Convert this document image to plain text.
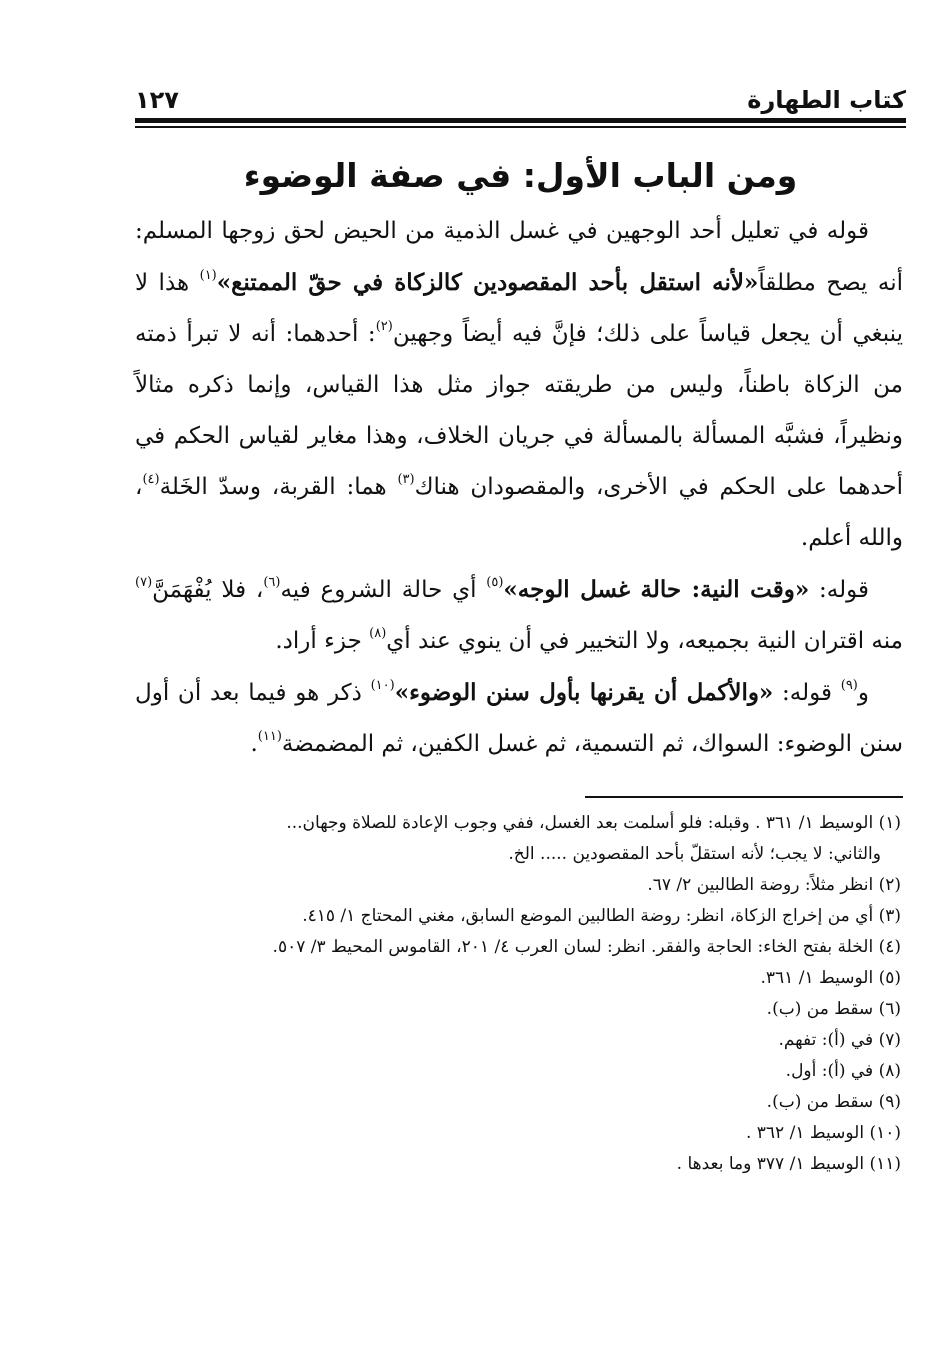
كتاب الطهارة
١٢٧
ومن الباب الأول: في صفة الوضوء

قوله في تعليل أحد الوجهين في غسل الذمية من الحيض لحق زوجها المسلم: أنه يصح مطلقاً«لأنه استقل بأحد المقصودين كالزكاة في حقّ الممتنع»$^{(١)}$ هذا لا ينبغي أن يجعل قياساً على ذلك؛ فإنَّ فيه أيضاً وجهين$^{(٢)}$: أحدهما: أنه لا تبرأ ذمته من الزكاة باطناً، وليس من طريقته جواز مثل هذا القياس، وإنما ذكره مثالاً ونظيراً، فشبَّه المسألة بالمسألة في جريان الخلاف، وهذا مغاير لقياس الحكم في أحدهما على الحكم في الأخرى، والمقصودان هناك$^{(٣)}$ هما: القربة، وسدّ الخَلة$^{(٤)}$، والله أعلم.

قوله: «وقت النية: حالة غسل الوجه»$^{(٥)}$ أي حالة الشروع فيه$^{(٦)}$، فلا يُفْهَمَنَّ$^{(٧)}$ منه اقتران النية بجميعه، ولا التخيير في أن ينوي عند أي$^{(٨)}$ جزء أراد.

و$^{(٩)}$ قوله: «والأكمل أن يقرنها بأول سنن الوضوء»$^{(١٠)}$ ذكر هو فيما بعد أن أول سنن الوضوء: السواك، ثم التسمية، ثم غسل الكفين، ثم المضمضة$^{(١١)}$.

(١) الوسيط ١/ ٣٦١ . وقبله: فلو أسلمت بعد الغسل، ففي وجوب الإعادة للصلاة وجهان...

والثاني: لا يجب؛ لأنه استقلّ بأحد المقصودين ..... الخ.

(٢) انظر مثلاً: روضة الطالبين ٢/ ٦٧.

(٣) أي من إخراج الزكاة، انظر: روضة الطالبين الموضع السابق، مغني المحتاج ١/ ٤١٥.

(٤) الخلة بفتح الخاء: الحاجة والفقر. انظر: لسان العرب ٤/ ٢٠١، القاموس المحيط ٣/ ٥٠٧.

(٥) الوسيط ١/ ٣٦١.

(٦) سقط من (ب).

(٧) في (أ): تفهم.

(٨) في (أ): أول.

(٩) سقط من (ب).

(١٠) الوسيط ١/ ٣٦٢ .

(١١) الوسيط ١/ ٣٧٧ وما بعدها .
